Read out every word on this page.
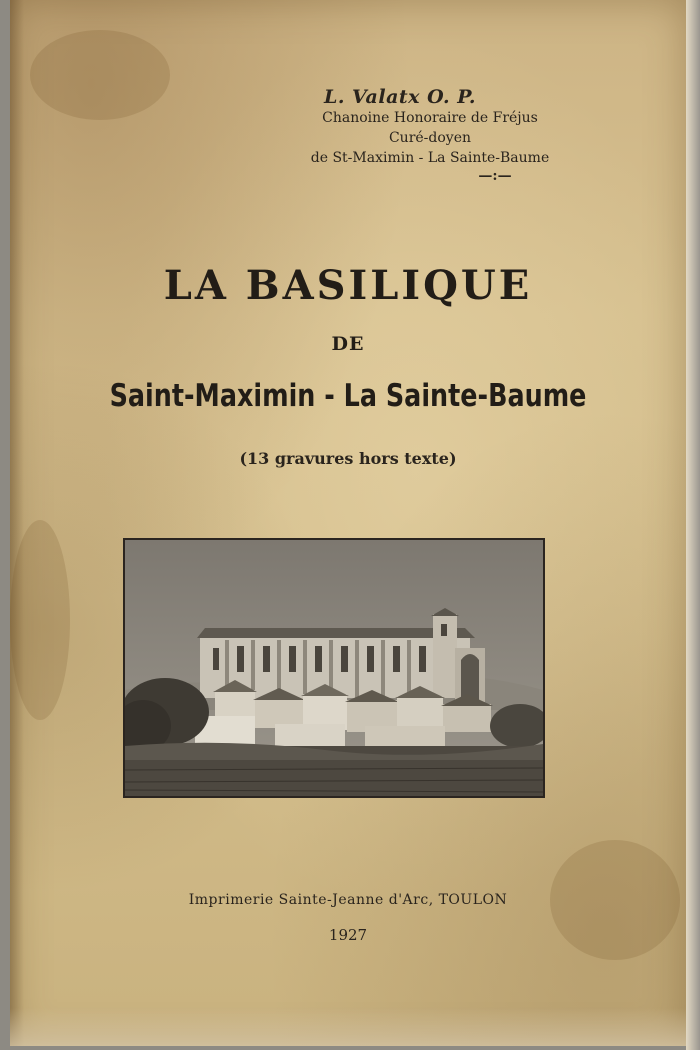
L. Valatx O. P.
Chanoine Honoraire de Fréjus
Curé-doyen
de St-Maximin - La Sainte-Baume
—:—
LA BASILIQUE
DE
Saint-Maximin - La Sainte-Baume
(13 gravures hors texte)
Imprimerie Sainte-Jeanne d'Arc, TOULON
1927
